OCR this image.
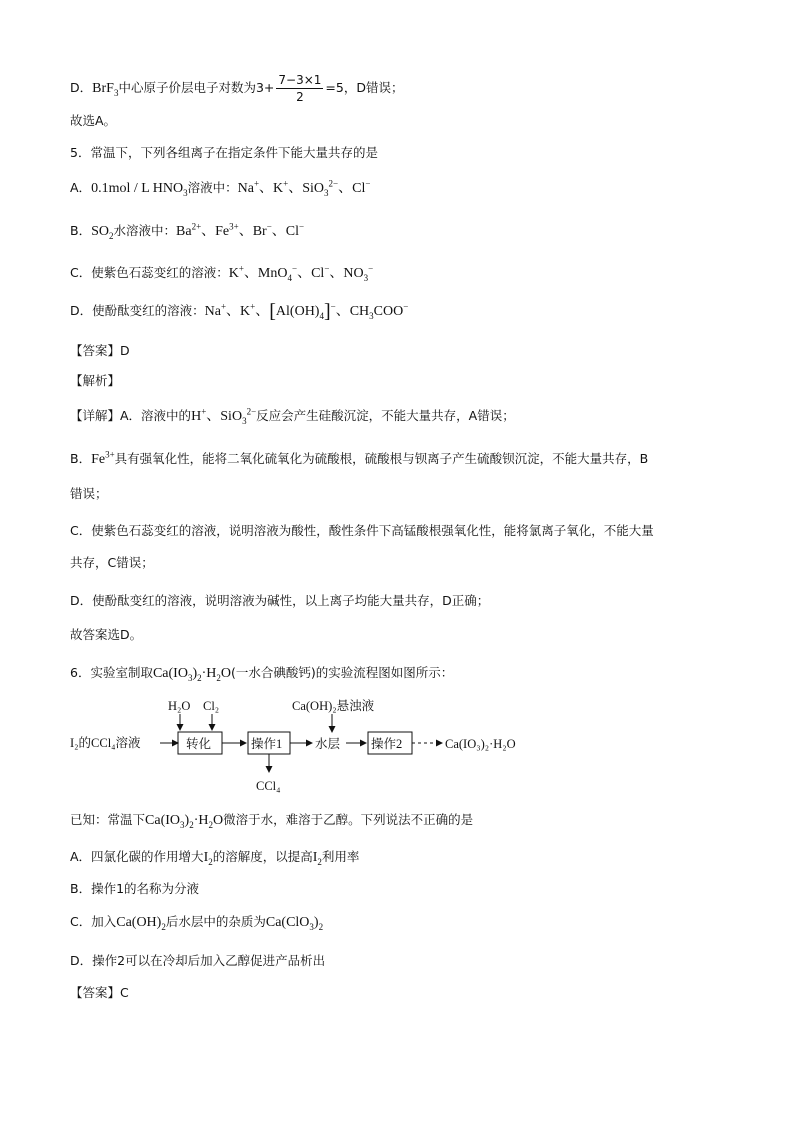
D．BrF$_3$中心原子价层电子对数为$3+ \frac{7-3\times 1}{2} =5$，D错误；
故选A。
5．常温下，下列各组离子在指定条件下能大量共存的是
A．0.1mol / L $HNO_3$溶液中：Na+、K+、SiO$_3^{2-}$、Cl−
B．$SO_2$水溶液中：$Ba^{2+}$、$Fe^{3+}$、Br−、Cl−
C．使紫色石蕊变红的溶液：K+、MnO$_4$−、Cl−、$NO_3^-$
D．使酚酞变红的溶液：Na+、K+、$[Al(OH)_4]^-$、$CH_3COO^-$
【答案】D
【解析】
【详解】A．溶液中的H+、SiO$_3^{2-}$反应会产生硅酸沉淀，不能大量共存，A错误；
B．$Fe^{3+}$具有强氧化性，能将二氧化硫氧化为硫酸根，硫酸根与钡离子产生硫酸钡沉淀，不能大量共存，B
错误；
C．使紫色石蕊变红的溶液，说明溶液为酸性，酸性条件下高锰酸根强氧化性，能将氯离子氧化，不能大量
共存，C错误；
D．使酚酞变红的溶液，说明溶液为碱性，以上离子均能大量共存，D正确；
故答案选D。
6．实验室制取$Ca(IO_3)_2\cdot H_2O$(一水合碘酸钙)的实验流程图如图所示：
I₂的CCl₄溶液
H₂O Cl₂
转化	操作1
CCl₄
水层
Ca(OH)₂悬浊液
操作2	Ca(IO₃)₂·H₂O
已知：常温下$Ca(IO_3)_2\cdot H_2O$微溶于水，难溶于乙醇。下列说法不正确的是
A．四氯化碳的作用增大$I_2$的溶解度，以提高$I_2$利用率
B．操作1的名称为分液
C．加入$Ca(OH)_2$后水层中的杂质为$Ca(ClO_3)_2$
D．操作2可以在冷却后加入乙醇促进产品析出
【答案】C
